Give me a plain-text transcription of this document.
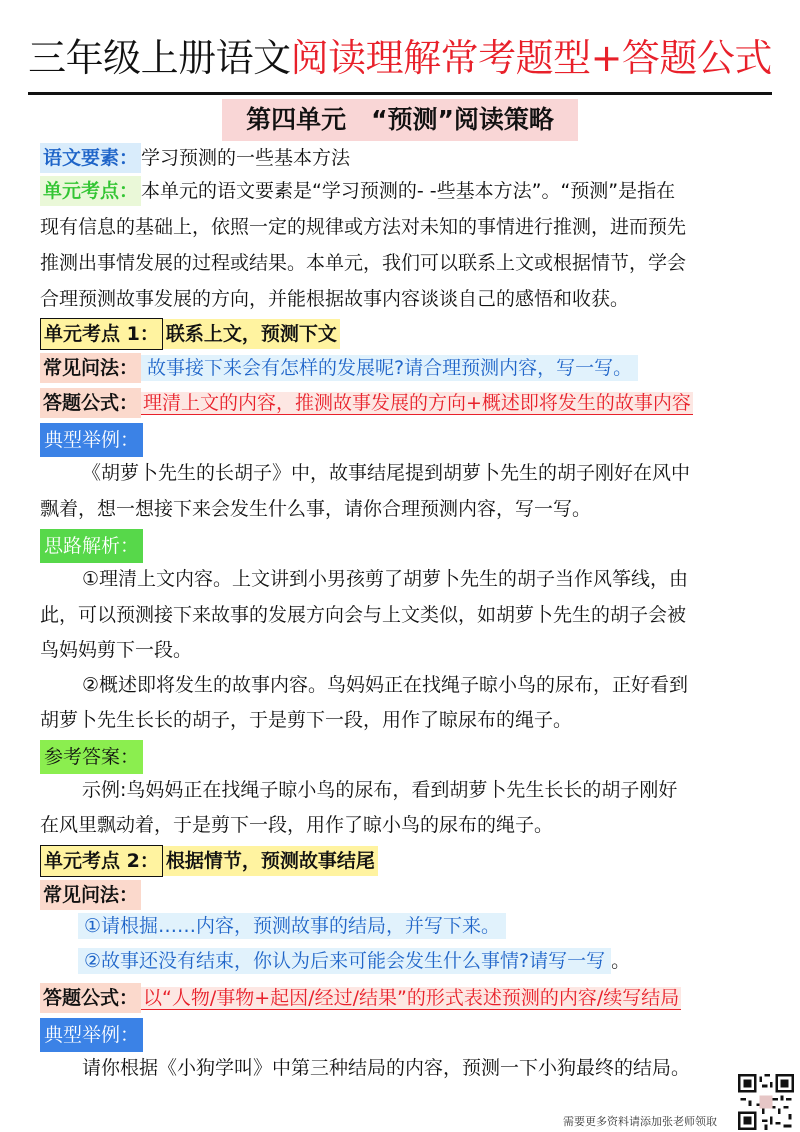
三年级上册语文阅读理解常考题型+答题公式
第四单元　“预测”阅读策略
语文要素： 学习预测的一些基本方法
单元考点： 本单元的语文要素是“学习预测的- -些基本方法”。“预测”是指在
现有信息的基础上，依照一定的规律或方法对未知的事情进行推测，进而预先
推测出事情发展的过程或结果。本单元，我们可以联系上文或根据情节，学会
合理预测故事发展的方向，并能根据故事内容谈谈自己的感悟和收获。
单元考点 1： 联系上文，预测下文
常见问法： 故事接下来会有怎样的发展呢?请合理预测内容，写一写。
答题公式： 理清上文的内容，推测故事发展的方向+概述即将发生的故事内容
典型举例：
《胡萝卜先生的长胡子》中，故事结尾提到胡萝卜先生的胡子刚好在风中
飘着，想一想接下来会发生什么事，请你合理预测内容，写一写。
思路解析：
①理清上文内容。上文讲到小男孩剪了胡萝卜先生的胡子当作风筝线，由
此，可以预测接下来故事的发展方向会与上文类似，如胡萝卜先生的胡子会被
鸟妈妈剪下一段。
②概述即将发生的故事内容。鸟妈妈正在找绳子晾小鸟的尿布，正好看到
胡萝卜先生长长的胡子，于是剪下一段，用作了晾尿布的绳子。
参考答案：
示例:鸟妈妈正在找绳子晾小鸟的尿布，看到胡萝卜先生长长的胡子刚好
在风里飘动着，于是剪下一段，用作了晾小鸟的尿布的绳子。
单元考点 2： 根据情节，预测故事结尾
常见问法：
①请根掘……内容，预测故事的结局，并写下来。
②故事还没有结束，你认为后来可能会发生什么事情?请写一写 。
答题公式： 以“人物/事物+起因/经过/结果”的形式表述预测的内容/续写结局
典型举例：
请你根据《小狗学叫》中第三种结局的内容，预测一下小狗最终的结局。
需要更多资料请添加张老师领取
